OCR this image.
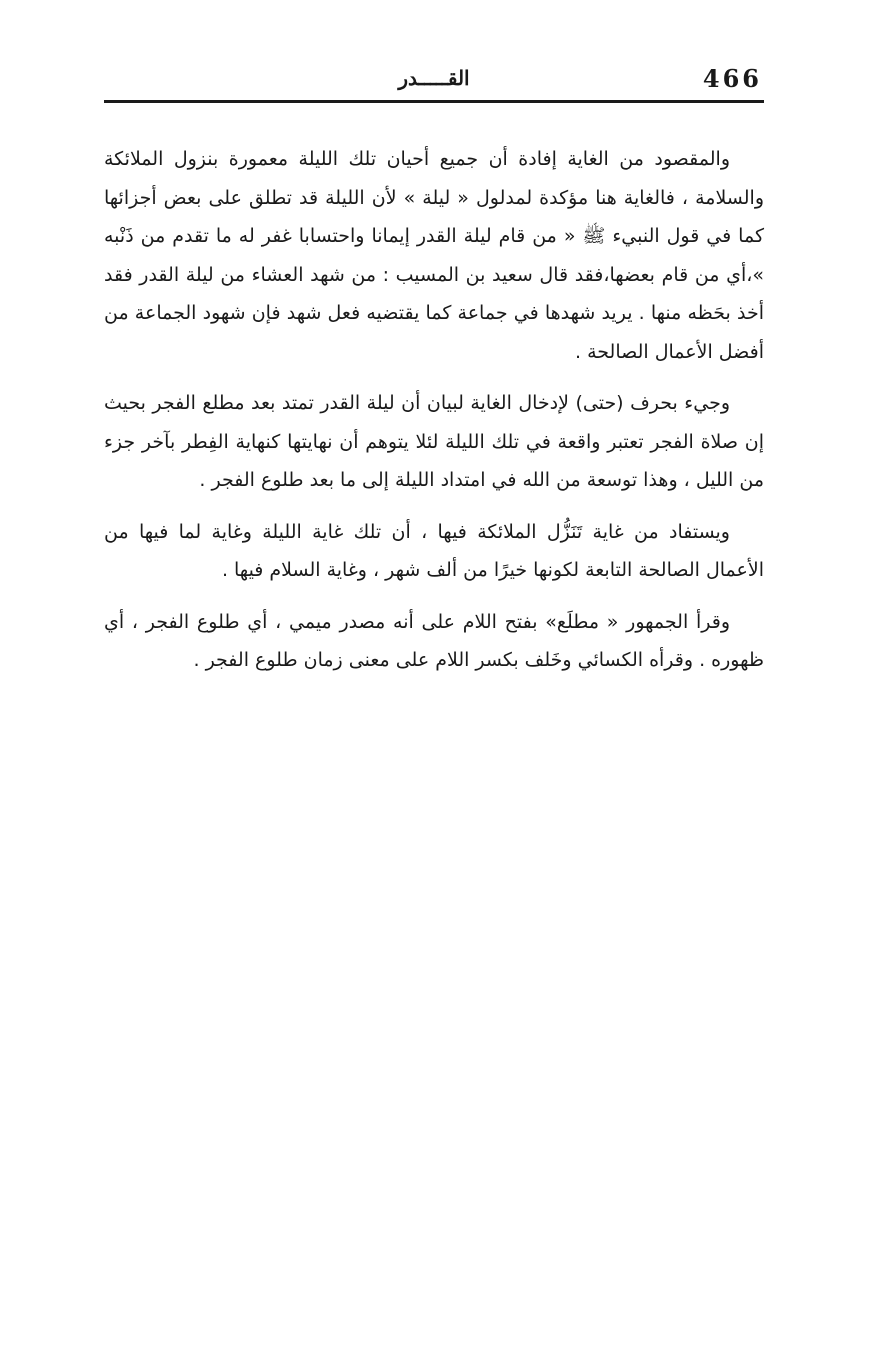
466
القـــــدر

والمقصود من الغاية إفادة أن جميع أحيان تلك الليلة معمورة بنزول الملائكة والسلامة ، فالغاية هنا مؤكدة لمدلول « ليلة » لأن الليلة قد تطلق على بعض أجزائها كما في قول النبيء ﷺ « من قام ليلة القدر إيمانا واحتسابا غفر له ما تقدم من ذَنْبه »،أي من قام بعضها،فقد قال سعيد بن المسيب : من شهد العشاء من ليلة القدر فقد أخذ بحَظه منها . يريد شهدها في جماعة كما يقتضيه فعل شهد فإن شهود الجماعة من أفضل الأعمال الصالحة .

وجيء بحرف (حتى) لإدخال الغاية لبيان أن ليلة القدر تمتد بعد مطلع الفجر بحيث إن صلاة الفجر تعتبر واقعة في تلك الليلة لئلا يتوهم أن نهايتها كنهاية الفِطر بآخر جزء من الليل ، وهذا توسعة من الله في امتداد الليلة إلى ما بعد طلوع الفجر .

ويستفاد من غاية تَنَزُّل الملائكة فيها ، أن تلك غاية الليلة وغاية لما فيها من الأعمال الصالحة التابعة لكونها خيرًا من ألف شهر ، وغاية السلام فيها .

وقرأ الجمهور « مطلَع» بفتح اللام على أنه مصدر ميمي ، أي طلوع الفجر ، أي ظهوره . وقرأه الكسائي وخَلف بكسر اللام على معنى زمان طلوع الفجر .
